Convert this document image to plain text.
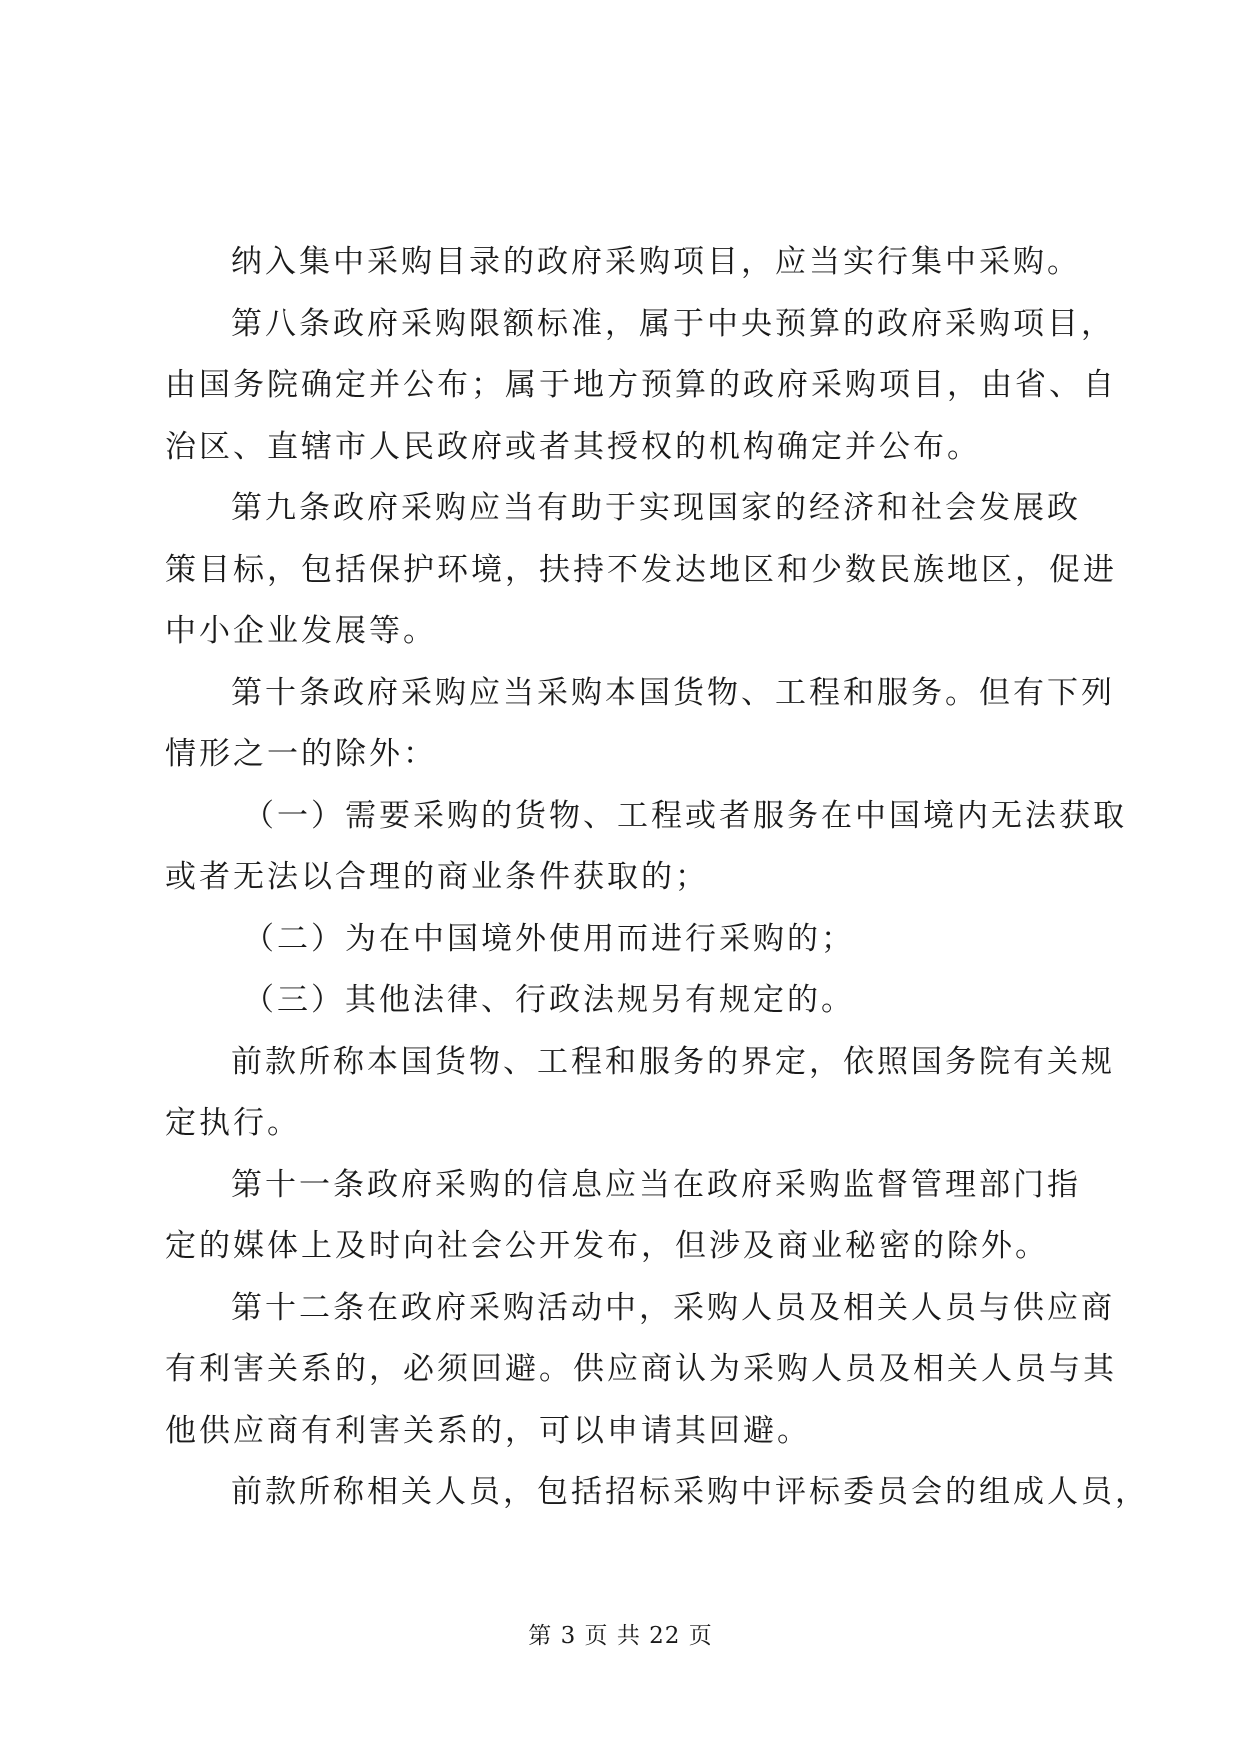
纳入集中采购目录的政府采购项目，应当实行集中采购。
第八条政府采购限额标准，属于中央预算的政府采购项目，
由国务院确定并公布；属于地方预算的政府采购项目，由省、自
治区、直辖市人民政府或者其授权的机构确定并公布。
第九条政府采购应当有助于实现国家的经济和社会发展政
策目标，包括保护环境，扶持不发达地区和少数民族地区，促进
中小企业发展等。
第十条政府采购应当采购本国货物、工程和服务。但有下列
情形之一的除外：
（一）需要采购的货物、工程或者服务在中国境内无法获取
或者无法以合理的商业条件获取的；
（二）为在中国境外使用而进行采购的；
（三）其他法律、行政法规另有规定的。
前款所称本国货物、工程和服务的界定，依照国务院有关规
定执行。
第十一条政府采购的信息应当在政府采购监督管理部门指
定的媒体上及时向社会公开发布，但涉及商业秘密的除外。
第十二条在政府采购活动中，采购人员及相关人员与供应商
有利害关系的，必须回避。供应商认为采购人员及相关人员与其
他供应商有利害关系的，可以申请其回避。
前款所称相关人员，包括招标采购中评标委员会的组成人员，
第 3 页 共 22 页
